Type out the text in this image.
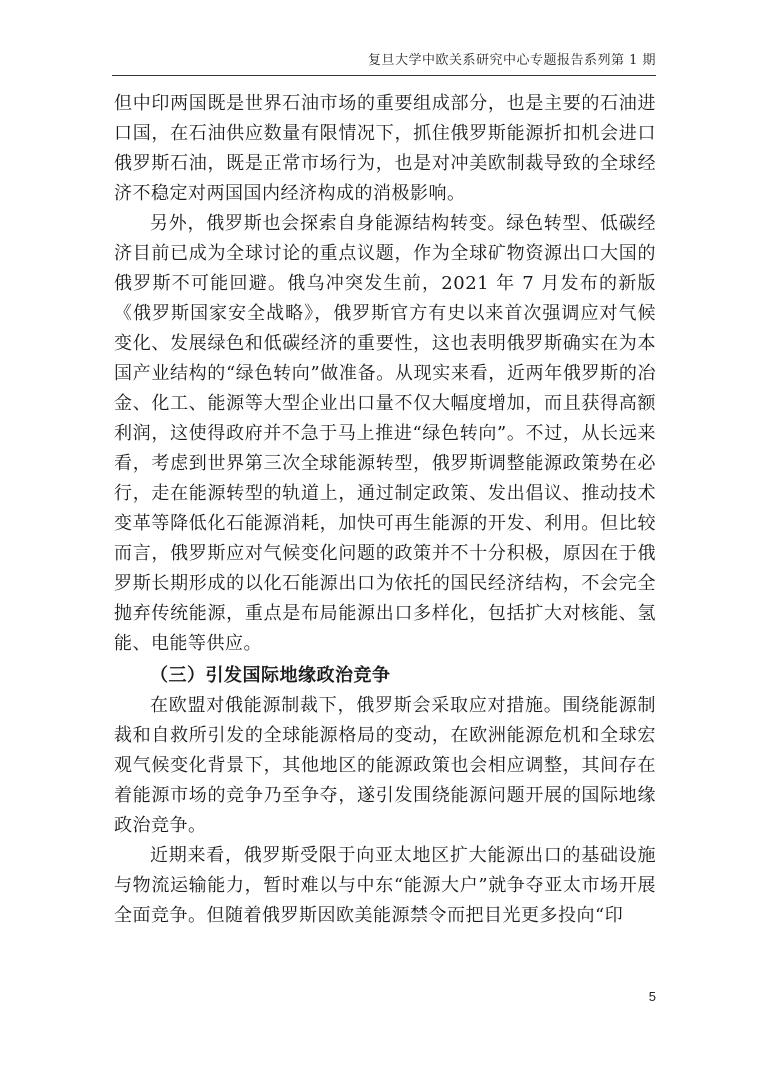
复旦大学中欧关系研究中心专题报告系列第 1 期

但中印两国既是世界石油市场的重要组成部分，也是主要的石油进口国，在石油供应数量有限情况下，抓住俄罗斯能源折扣机会进口俄罗斯石油，既是正常市场行为，也是对冲美欧制裁导致的全球经济不稳定对两国国内经济构成的消极影响。

另外，俄罗斯也会探索自身能源结构转变。绿色转型、低碳经济目前已成为全球讨论的重点议题，作为全球矿物资源出口大国的俄罗斯不可能回避。俄乌冲突发生前，2021 年 7 月发布的新版《俄罗斯国家安全战略》，俄罗斯官方有史以来首次强调应对气候变化、发展绿色和低碳经济的重要性，这也表明俄罗斯确实在为本国产业结构的“绿色转向”做准备。从现实来看，近两年俄罗斯的冶金、化工、能源等大型企业出口量不仅大幅度增加，而且获得高额利润，这使得政府并不急于马上推进“绿色转向”。不过，从长远来看，考虑到世界第三次全球能源转型，俄罗斯调整能源政策势在必行，走在能源转型的轨道上，通过制定政策、发出倡议、推动技术变革等降低化石能源消耗，加快可再生能源的开发、利用。但比较而言，俄罗斯应对气候变化问题的政策并不十分积极，原因在于俄罗斯长期形成的以化石能源出口为依托的国民经济结构，不会完全抛弃传统能源，重点是布局能源出口多样化，包括扩大对核能、氢能、电能等供应。

（三）引发国际地缘政治竞争

在欧盟对俄能源制裁下，俄罗斯会采取应对措施。围绕能源制裁和自救所引发的全球能源格局的变动，在欧洲能源危机和全球宏观气候变化背景下，其他地区的能源政策也会相应调整，其间存在着能源市场的竞争乃至争夺，遂引发围绕能源问题开展的国际地缘政治竞争。

近期来看，俄罗斯受限于向亚太地区扩大能源出口的基础设施与物流运输能力，暂时难以与中东“能源大户”就争夺亚太市场开展全面竞争。但随着俄罗斯因欧美能源禁令而把目光更多投向“印

5
